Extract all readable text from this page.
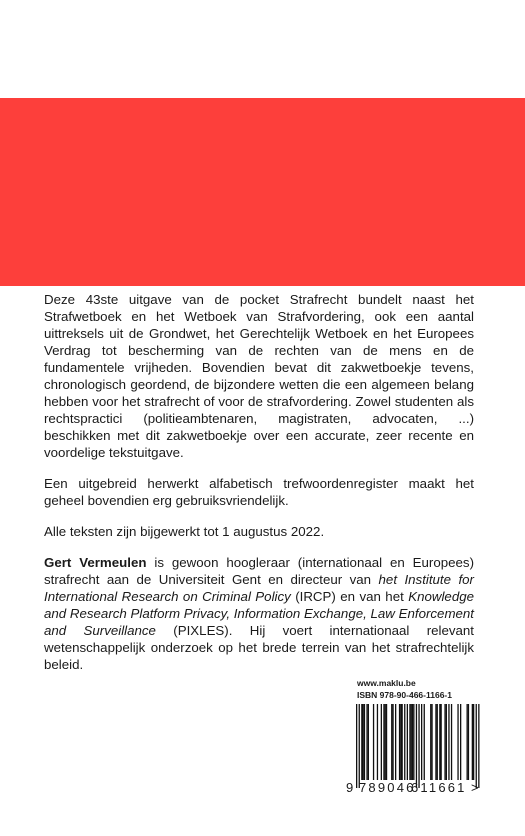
Deze 43ste uitgave van de pocket Strafrecht bundelt naast het Strafwetboek en het Wetboek van Strafvordering, ook een aantal uittreksels uit de Grondwet, het Gerechtelijk Wetboek en het Europees Verdrag tot bescherming van de rechten van de mens en de fundamentele vrijheden. Bovendien bevat dit zakwetboekje tevens, chronologisch geordend, de bijzondere wetten die een algemeen belang hebben voor het strafrecht of voor de strafvordering. Zowel studenten als rechtspractici (politieambtenaren, magistraten, advocaten, ...) beschikken met dit zakwetboekje over een accurate, zeer recente en voordelige tekstuitgave.

Een uitgebreid herwerkt alfabetisch trefwoordenregister maakt het geheel bovendien erg gebruiksvriendelijk.

Alle teksten zijn bijgewerkt tot 1 augustus 2022.

Gert Vermeulen is gewoon hoogleraar (internationaal en Europees) strafrecht aan de Universiteit Gent en directeur van het Institute for International Research on Criminal Policy (IRCP) en van het Knowledge and Research Platform Privacy, Information Exchange, Law Enforcement and Surveillance (PIXLES). Hij voert internationaal relevant wetenschappelijk onderzoek op het brede terrein van het strafrechtelijk beleid.

www.maklu.be
ISBN 978-90-466-1166-1
9 789046
611661 >
